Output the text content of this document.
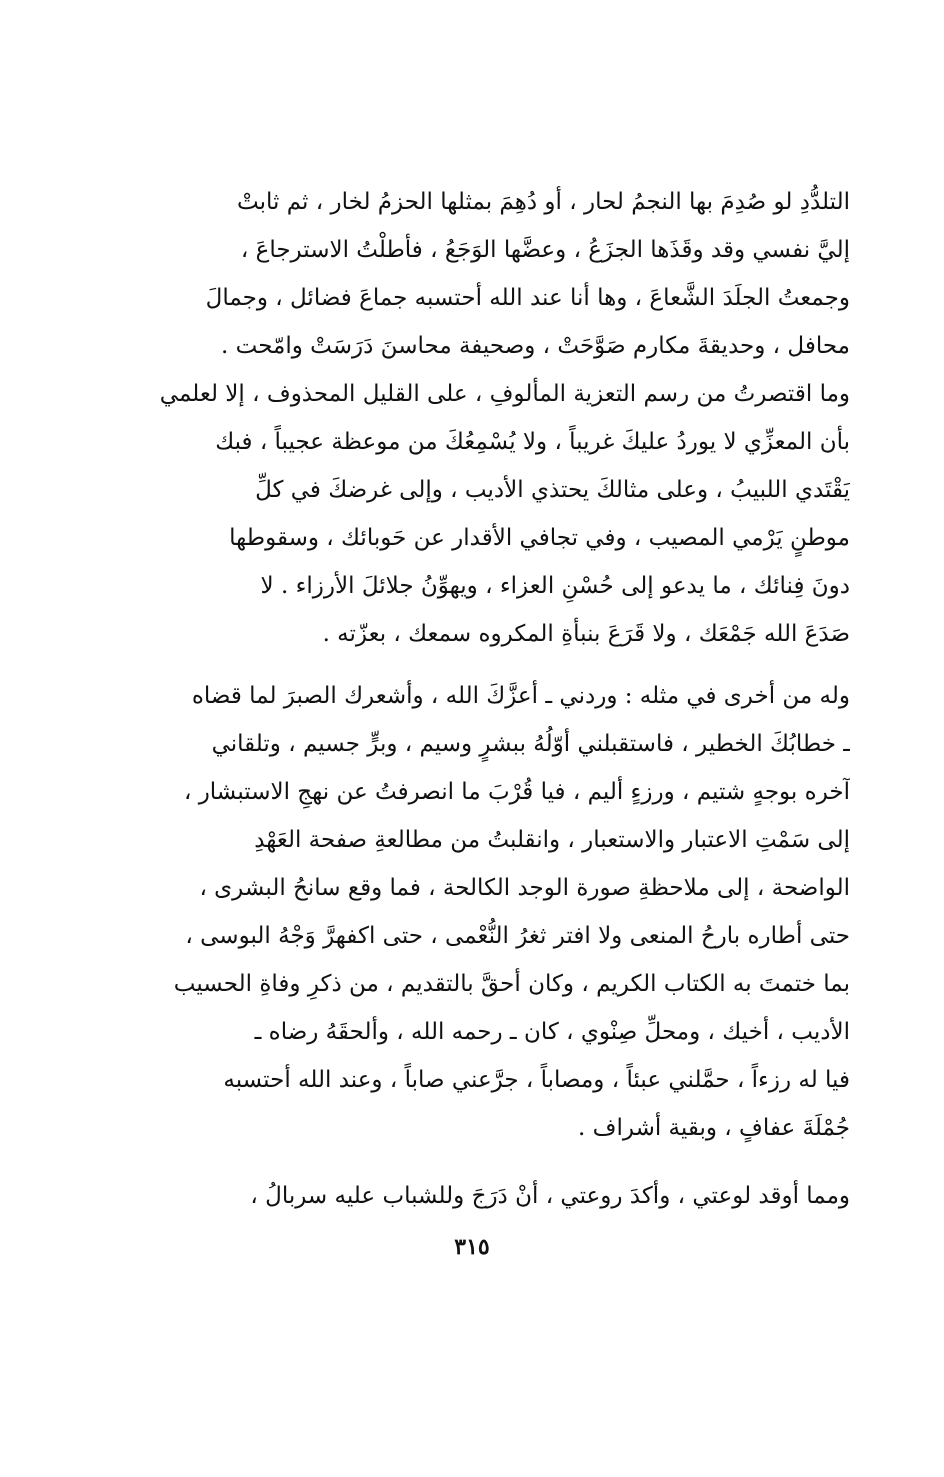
التلدُّدِ لو صُدِمَ بها النجمُ لحار ، أو دُهِمَ بمثلها الحزمُ لخار ، ثم ثابتْ
إليَّ نفسي وقد وقَذَها الجزَعُ ، وعضَّها الوَجَعُ ، فأطلْتُ الاسترجاعَ ،
وجمعتُ الجلَدَ الشَّعاعَ ، وها أنا عند الله أحتسبه جماعَ فضائل ، وجمالَ
محافل ، وحديقةَ مكارم صَوَّحَتْ ، وصحيفة محاسنَ دَرَسَتْ وامّحت .
وما اقتصرتُ من رسم التعزية المألوفِ ، على القليل المحذوف ، إلا لعلمي
بأن المعزِّي لا يوردُ عليكَ غريباً ، ولا يُسْمِعُكَ من موعظة عجيباً ، فبك
يَقْتَدي اللبيبُ ، وعلى مثالكَ يحتذي الأديب ، وإلى غرضكَ في كلِّ
موطنٍ يَرْمي المصيب ، وفي تجافي الأقدار عن حَوبائك ، وسقوطها
دونَ فِنائك ، ما يدعو إلى حُسْنِ العزاء ، ويهوِّنُ جلائلَ الأرزاء . لا
صَدَعَ الله جَمْعَك ، ولا قَرَعَ بنبأةِ المكروه سمعك ، بعزّته .
وله من أخرى في مثله : وردني ـ أعزَّكَ الله ، وأشعرك الصبرَ لما قضاه
ـ خطابُكَ الخطير ، فاستقبلني أوّلُهُ ببشرٍ وسيم ، وبرٍّ جسيم ، وتلقاني
آخره بوجهٍ شتيم ، ورزءٍ أليم ، فيا قُرْبَ ما انصرفتُ عن نهجِ الاستبشار ،
إلى سَمْتِ الاعتبار والاستعبار ، وانقلبتُ من مطالعةِ صفحة العَهْدِ
الواضحة ، إلى ملاحظةِ صورة الوجد الكالحة ، فما وقع سانحُ البشرى ،
حتى أطاره بارحُ المنعى ولا افتر ثغرُ النُّعْمى ، حتى اكفهرَّ وَجْهُ البوسى ،
بما ختمتَ به الكتاب الكريم ، وكان أحقَّ بالتقديم ، من ذكرِ وفاةِ الحسيب
الأديب ، أخيك ، ومحلِّ صِنْوي ، كان ـ رحمه الله ، وألحقَهُ رضاه ـ
فيا له رزءاً ، حمَّلني عبئاً ، ومصاباً ، جرَّعني صاباً ، وعند الله أحتسبه
جُمْلَةَ عفافٍ ، وبقية أشراف .
ومما أوقد لوعتي ، وأكدَ روعتي ، أنْ دَرَجَ وللشباب عليه سربالُ ،
٣١٥
